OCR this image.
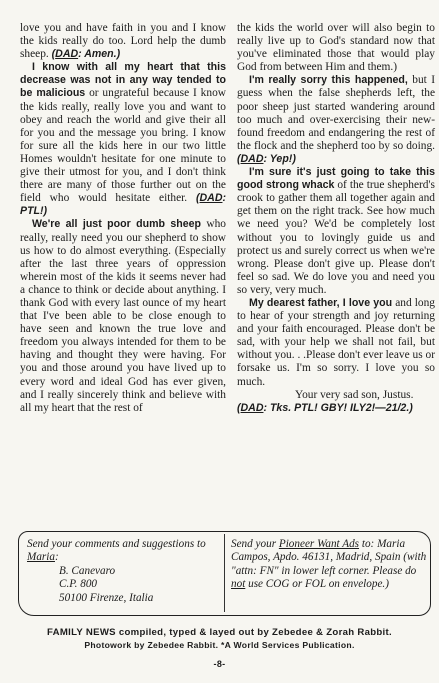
love you and have faith in you and I know the kids really do too. Lord help the dumb sheep. (DAD: Amen.)

I know with all my heart that this decrease was not in any way tended to be malicious or ungrateful because I know the kids really, really love you and want to obey and reach the world and give their all for you and the message you bring. I know for sure all the kids here in our two little Homes wouldn't hesitate for one minute to give their utmost for you, and I don't think there are many of those further out on the field who would hesitate either. (DAD: PTL!)

We're all just poor dumb sheep who really, really need you our shepherd to show us how to do almost everything. (Especially after the last three years of oppression wherein most of the kids it seems never had a chance to think or decide about anything. I thank God with every last ounce of my heart that I've been able to be close enough to have seen and known the true love and freedom you always intended for them to be having and thought they were having. For you and those around you have lived up to every word and ideal God has ever given, and I really sincerely think and believe with all my heart that the rest of

the kids the world over will also begin to really live up to God's standard now that you've eliminated those that would play God from between Him and them.)

I'm really sorry this happened, but I guess when the false shepherds left, the poor sheep just started wandering around too much and over-exercising their new-found freedom and endangering the rest of the flock and the shepherd too by so doing. (DAD: Yep!)

I'm sure it's just going to take this good strong whack of the true shepherd's crook to gather them all together again and get them on the right track. See how much we need you? We'd be completely lost without you to lovingly guide us and protect us and surely correct us when we're wrong. Please don't give up. Please don't feel so sad. We do love you and need you so very, very much.

My dearest father, I love you and long to hear of your strength and joy returning and your faith encouraged. Please don't be sad, with your help we shall not fail, but without you. . .Please don't ever leave us or forsake us. I'm so sorry. I love you so much.

Your very sad son, Justus.

(DAD: Tks. PTL! GBY! ILY2!—21/2.)

Send your comments and suggestions to Maria:
B. Canevaro
C.P. 800
50100 Firenze, Italia
Send your Pioneer Want Ads to: Maria Campos, Apdo. 46131, Madrid, Spain (with "attn: FN" in lower left corner. Please do not use COG or FOL on envelope.)
FAMILY NEWS compiled, typed & layed out by Zebedee & Zorah Rabbit.
Photowork by Zebedee Rabbit. *A World Services Publication.
-8-
